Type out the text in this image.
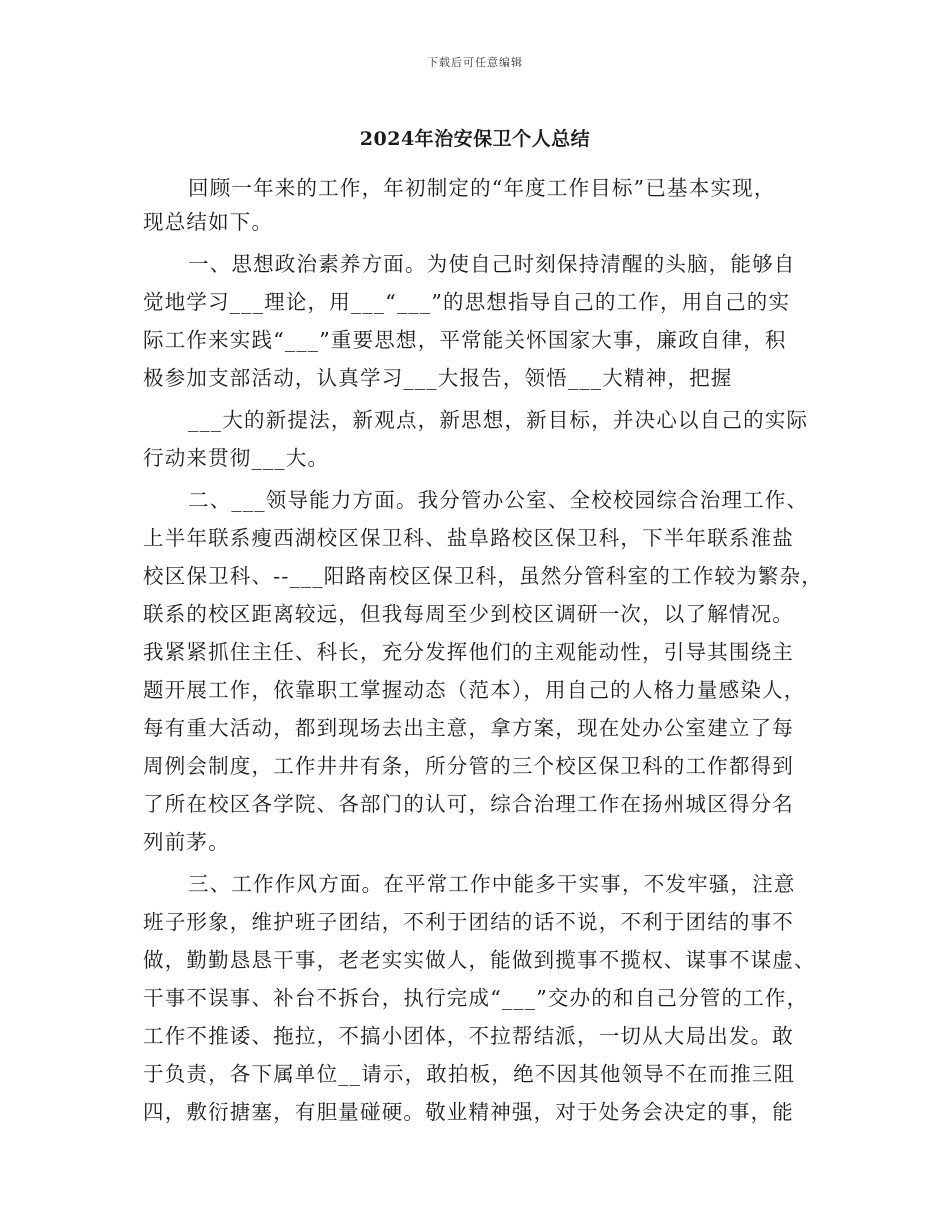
下载后可任意编辑
2024年治安保卫个人总结
回顾一年来的工作，年初制定的“年度工作目标”已基本实现，
现总结如下。
一、思想政治素养方面。为使自己时刻保持清醒的头脑，能够自
觉地学习___理论，用___“___”的思想指导自己的工作，用自己的实
际工作来实践“___”重要思想，平常能关怀国家大事，廉政自律，积
极参加支部活动，认真学习___大报告，领悟___大精神，把握
___大的新提法，新观点，新思想，新目标，并决心以自己的实际
行动来贯彻___大。
二、___领导能力方面。我分管办公室、全校校园综合治理工作、
上半年联系瘦西湖校区保卫科、盐阜路校区保卫科，下半年联系淮盐
校区保卫科、--___阳路南校区保卫科，虽然分管科室的工作较为繁杂，
联系的校区距离较远，但我每周至少到校区调研一次，以了解情况。
我紧紧抓住主任、科长，充分发挥他们的主观能动性，引导其围绕主
题开展工作，依靠职工掌握动态（范本），用自己的人格力量感染人，
每有重大活动，都到现场去出主意，拿方案，现在处办公室建立了每
周例会制度，工作井井有条，所分管的三个校区保卫科的工作都得到
了所在校区各学院、各部门的认可，综合治理工作在扬州城区得分名
列前茅。
三、工作作风方面。在平常工作中能多干实事，不发牢骚，注意
班子形象，维护班子团结，不利于团结的话不说，不利于团结的事不
做，勤勤恳恳干事，老老实实做人，能做到揽事不揽权、谋事不谋虚、
干事不误事、补台不拆台，执行完成“___”交办的和自己分管的工作，
工作不推诿、拖拉，不搞小团体，不拉帮结派，一切从大局出发。敢
于负责，各下属单位__请示，敢拍板，绝不因其他领导不在而推三阻
四，敷衍搪塞，有胆量碰硬。敬业精神强，对于处务会决定的事，能
